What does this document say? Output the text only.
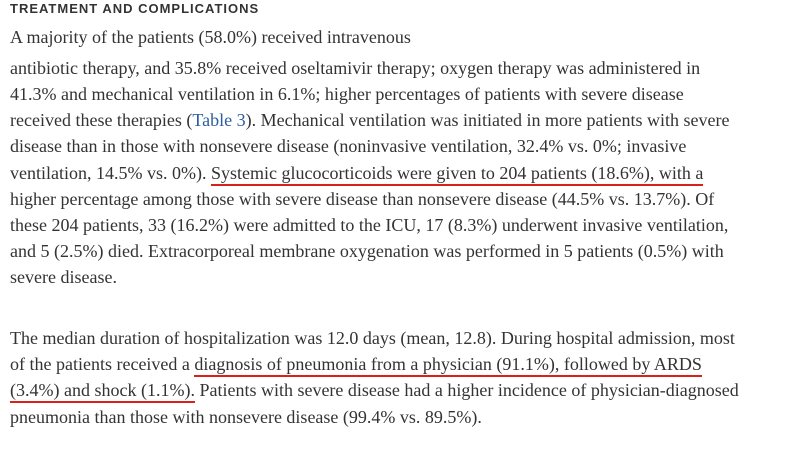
TREATMENT AND COMPLICATIONS
A majority of the patients (58.0%) received intravenous
antibiotic therapy, and 35.8% received oseltamivir therapy; oxygen therapy was administered in
41.3% and mechanical ventilation in 6.1%; higher percentages of patients with severe disease
received these therapies (Table 3). Mechanical ventilation was initiated in more patients with severe
disease than in those with nonsevere disease (noninvasive ventilation, 32.4% vs. 0%; invasive
ventilation, 14.5% vs. 0%). Systemic glucocorticoids were given to 204 patients (18.6%), with a
higher percentage among those with severe disease than nonsevere disease (44.5% vs. 13.7%). Of
these 204 patients, 33 (16.2%) were admitted to the ICU, 17 (8.3%) underwent invasive ventilation,
and 5 (2.5%) died. Extracorporeal membrane oxygenation was performed in 5 patients (0.5%) with
severe disease.
The median duration of hospitalization was 12.0 days (mean, 12.8). During hospital admission, most
of the patients received a diagnosis of pneumonia from a physician (91.1%), followed by ARDS
(3.4%) and shock (1.1%). Patients with severe disease had a higher incidence of physician-diagnosed
pneumonia than those with nonsevere disease (99.4% vs. 89.5%).
